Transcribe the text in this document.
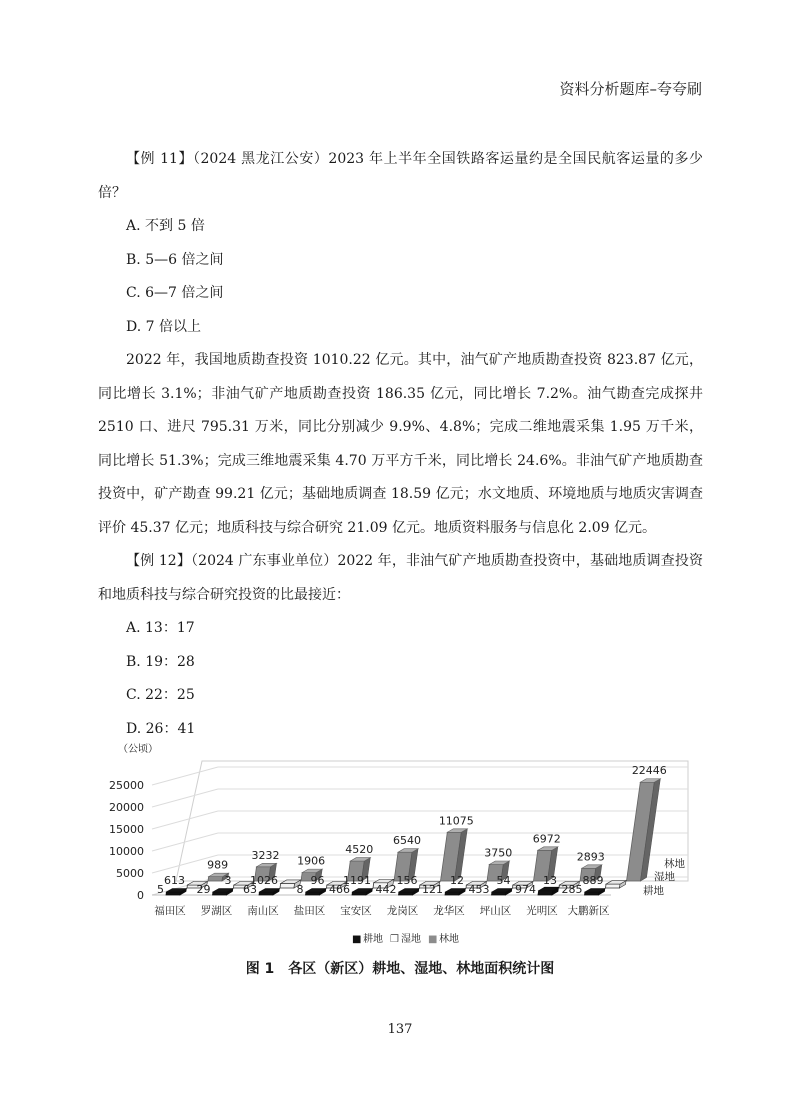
资料分析题库–夸夸刷

【例 11】（2024 黑龙江公安）2023 年上半年全国铁路客运量约是全国民航客运量的多少倍？

A. 不到 5 倍

B. 5—6 倍之间

C. 6—7 倍之间

D. 7 倍以上

2022 年，我国地质勘查投资 1010.22 亿元。其中，油气矿产地质勘查投资 823.87 亿元，同比增长 3.1%；非油气矿产地质勘查投资 186.35 亿元，同比增长 7.2%。油气勘查完成探井 2510 口、进尺 795.31 万米，同比分别减少 9.9%、4.8%；完成二维地震采集 1.95 万千米，同比增长 51.3%；完成三维地震采集 4.70 万平方千米，同比增长 24.6%。非油气矿产地质勘查投资中，矿产勘查 99.21 亿元；基础地质调查 18.59 亿元；水文地质、环境地质与地质灾害调查评价 45.37 亿元；地质科技与综合研究 21.09 亿元。地质资料服务与信息化 2.09 亿元。

【例 12】（2024 广东事业单位）2022 年，非油气矿产地质勘查投资中，基础地质调查投资和地质科技与综合研究投资的比最接近：

A. 13：17

B. 19：28

C. 22：25

D. 26：41

0
5000
10000
15000
20000
25000
（公顷）
989
3232 1906
4520
6540
11075
3750
6972
2893
22446
613	3 1026	96 1191 156	12	54	13 889
5	29	63	8 466 442 121 453 974 285
福田区 罗湖区 南山区 盐田区 宝安区 龙岗区 龙华区 坪山区 光明区 大鹏新区
林地
湿地
耕地
■ 耕地 ❒ 湿地 ■ 林地
图 1　各区（新区）耕地、湿地、林地面积统计图
137
